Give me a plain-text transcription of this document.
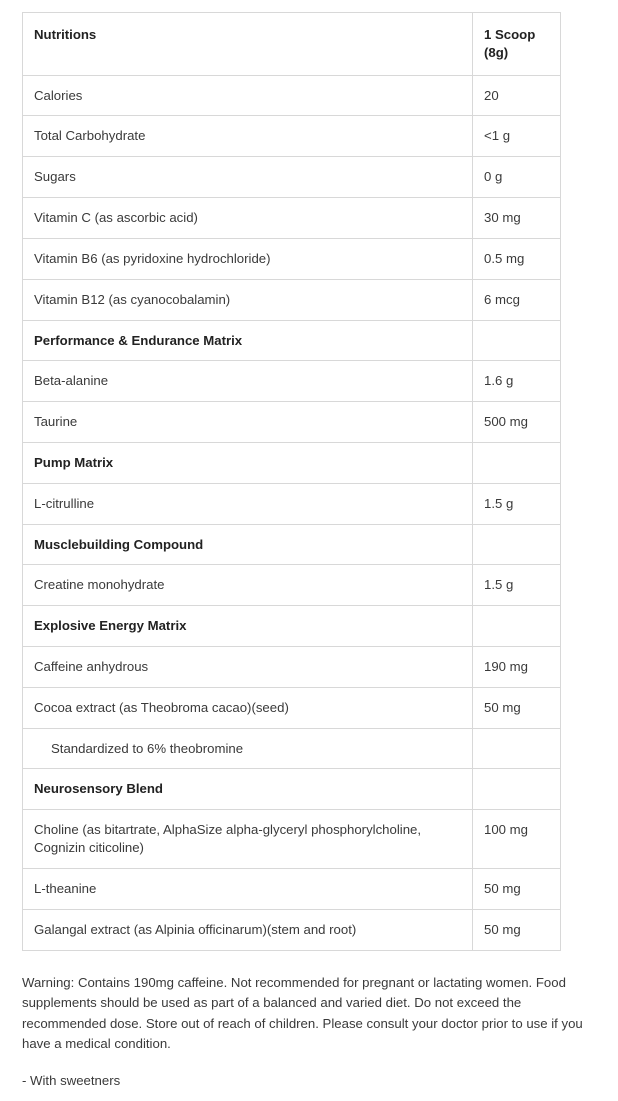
Nutritions	1 Scoop (8g)
Calories	20
Total Carbohydrate	<1 g
Sugars	0 g
Vitamin C (as ascorbic acid)	30 mg
Vitamin B6 (as pyridoxine hydrochloride)	0.5 mg
Vitamin B12 (as cyanocobalamin)	6 mcg
Performance & Endurance Matrix	
Beta-alanine	1.6 g
Taurine	500 mg
Pump Matrix	
L-citrulline	1.5 g
Musclebuilding Compound	
Creatine monohydrate	1.5 g
Explosive Energy Matrix	
Caffeine anhydrous	190 mg
Cocoa extract (as Theobroma cacao)(seed)	50 mg
Standardized to 6% theobromine	
Neurosensory Blend	
Choline (as bitartrate, AlphaSize alpha-glyceryl phosphorylcholine, Cognizin citicoline)	100 mg
L-theanine	50 mg
Galangal extract (as Alpinia officinarum)(stem and root)	50 mg

Warning: Contains 190mg caffeine. Not recommended for pregnant or lactating women. Food supplements should be used as part of a balanced and varied diet. Do not exceed the recommended dose. Store out of reach of children. Please consult your doctor prior to use if you have a medical condition.

- With sweetners
